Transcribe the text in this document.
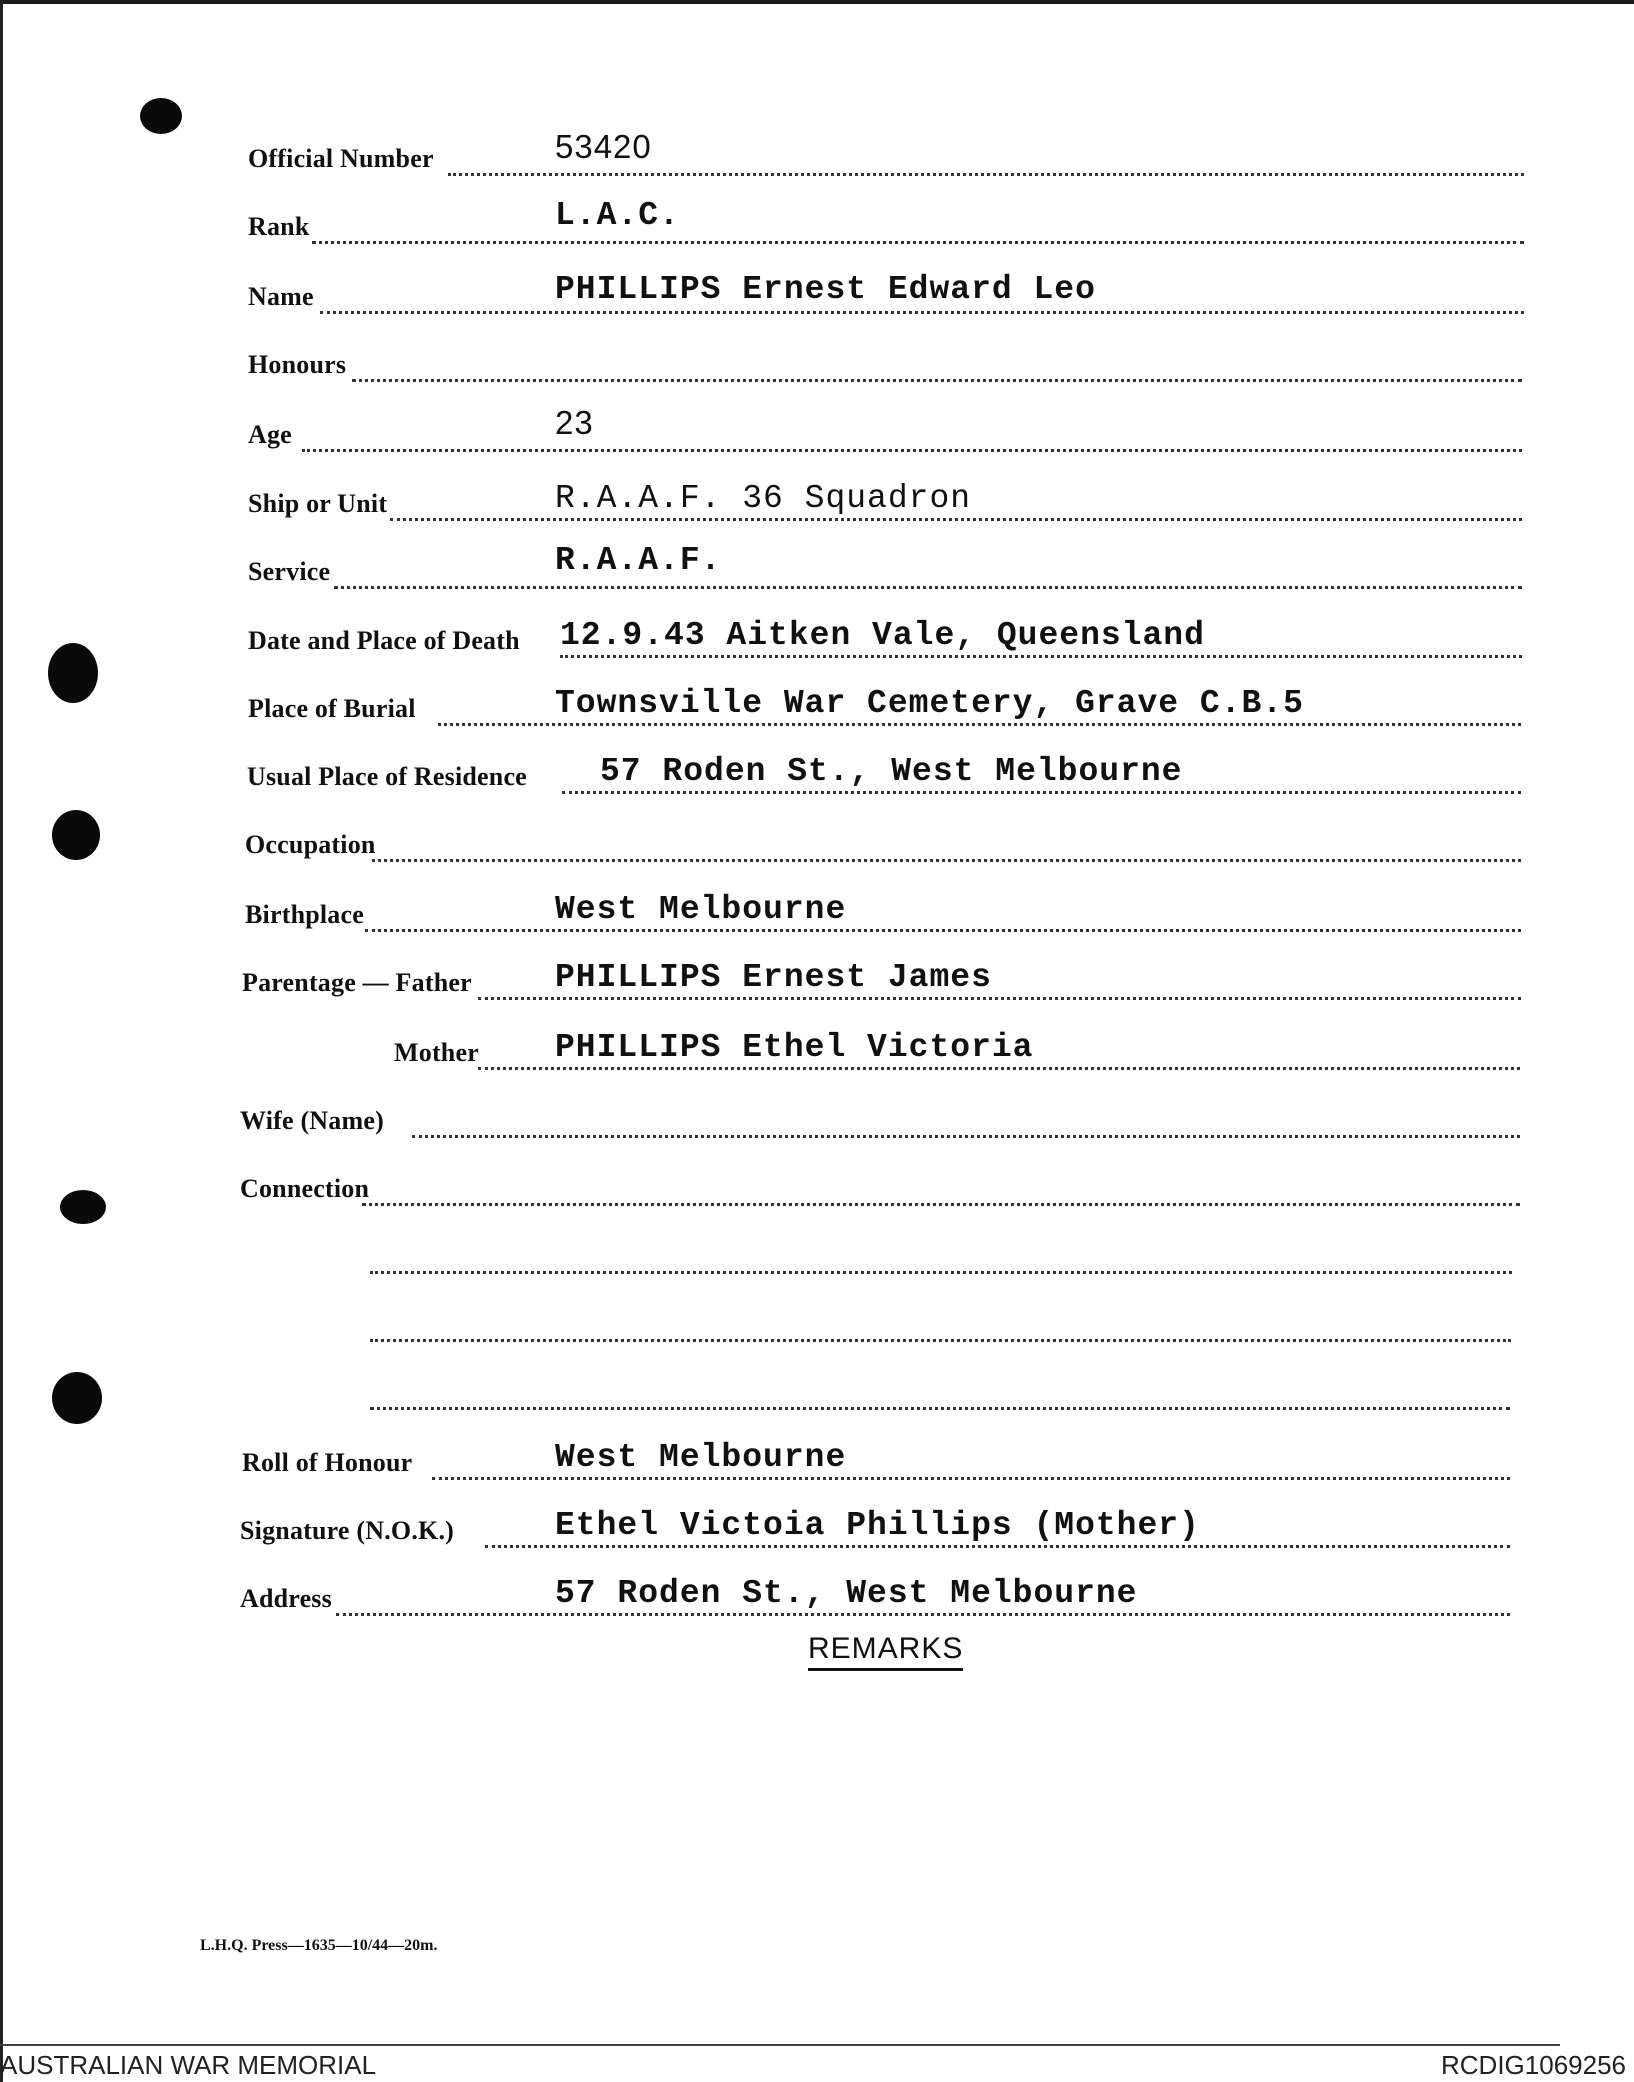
Official Number	53420
Rank	L.A.C.
Name	PHILLIPS Ernest Edward Leo
Honours
Age	23
Ship or Unit	R.A.A.F. 36 Squadron
Service	R.A.A.F.
Date and Place of Death 12.9.43 Aitken Vale, Queensland
Place of Burial	Townsville War Cemetery, Grave C.B.5
Usual Place of Residence 57 Roden St., West Melbourne
Occupation
Birthplace	West Melbourne
Parentage — Father	PHILLIPS Ernest James
Mother PHILLIPS Ethel Victoria
Wife (Name)
Connection
Roll of Honour	West Melbourne
Signature (N.O.K.)	Ethel Victoia Phillips (Mother)
Address	57 Roden St., West Melbourne
REMARKS
L.H.Q. Press—1635—10/44—20m.
AUSTRALIAN WAR MEMORIAL	RCDIG1069256
